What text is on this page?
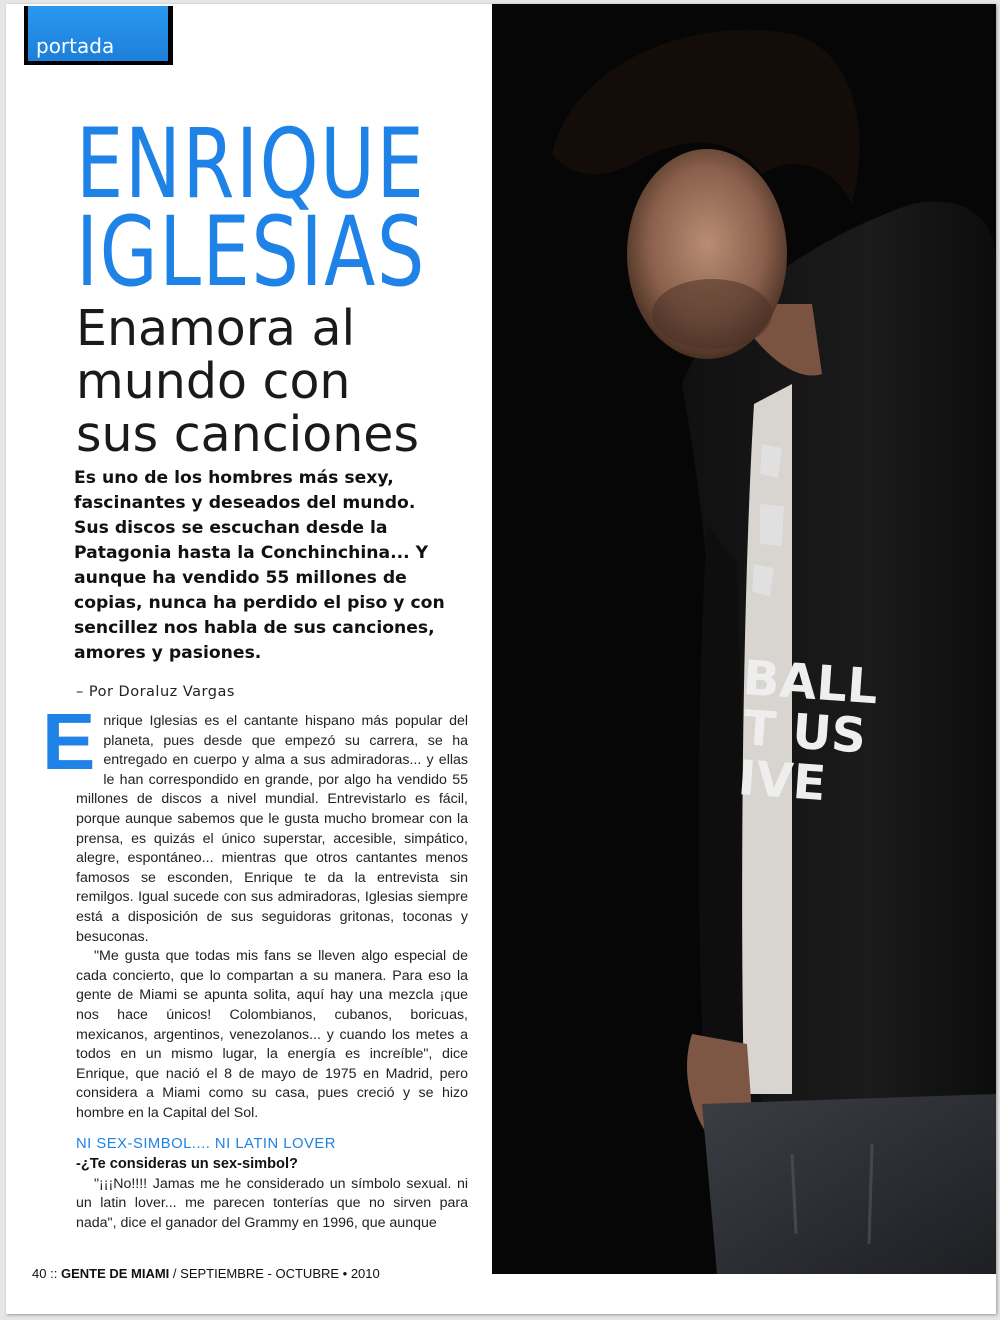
portada
ENRIQUE
IGLESIAS
Enamora al
mundo con
sus canciones
Es uno de los hombres más sexy, fascinantes y deseados del mundo. Sus discos se escuchan desde la Patagonia hasta la Conchinchina... Y aunque ha vendido 55 millones de copias, nunca ha perdido el piso y con sencillez nos habla de sus canciones, amores y pasiones.
– Por Doraluz Vargas
E nrique Iglesias es el cantante hispano más popular del planeta, pues desde que empezó su carrera, se ha entregado en cuerpo y alma a sus admiradoras... y ellas le han correspondido en grande, por algo ha vendido 55 millones de discos a nivel mundial. Entrevistarlo es fácil, porque aunque sabemos que le gusta mucho bromear con la prensa, es quizás el único superstar, accesible, simpático, alegre, espontáneo... mientras que otros cantantes menos famosos se esconden, Enrique te da la entrevista sin remilgos. Igual sucede con sus admiradoras, Iglesias siempre está a disposición de sus seguidoras gritonas, toconas y besuconas.

"Me gusta que todas mis fans se lleven algo especial de cada concierto, que lo compartan a su manera. Para eso la gente de Miami se apunta solita, aquí hay una mezcla ¡que nos hace únicos! Colombianos, cubanos, boricuas, mexicanos, argentinos, venezolanos... y cuando los metes a todos en un mismo lugar, la energía es increíble", dice Enrique, que nació el 8 de mayo de 1975 en Madrid, pero considera a Miami como su casa, pues creció y se hizo hombre en la Capital del Sol.

NI SEX-SIMBOL.... NI LATIN LOVER

-¿Te consideras un sex-simbol?

"¡¡¡No!!!! Jamas me he considerado un símbolo sexual. ni un latin lover... me parecen tonterías que no sirven para nada", dice el ganador del Grammy en 1996, que aunque

40 :: GENTE DE MIAMI / SEPTIEMBRE - OCTUBRE • 2010
BALL
T US
IVE
